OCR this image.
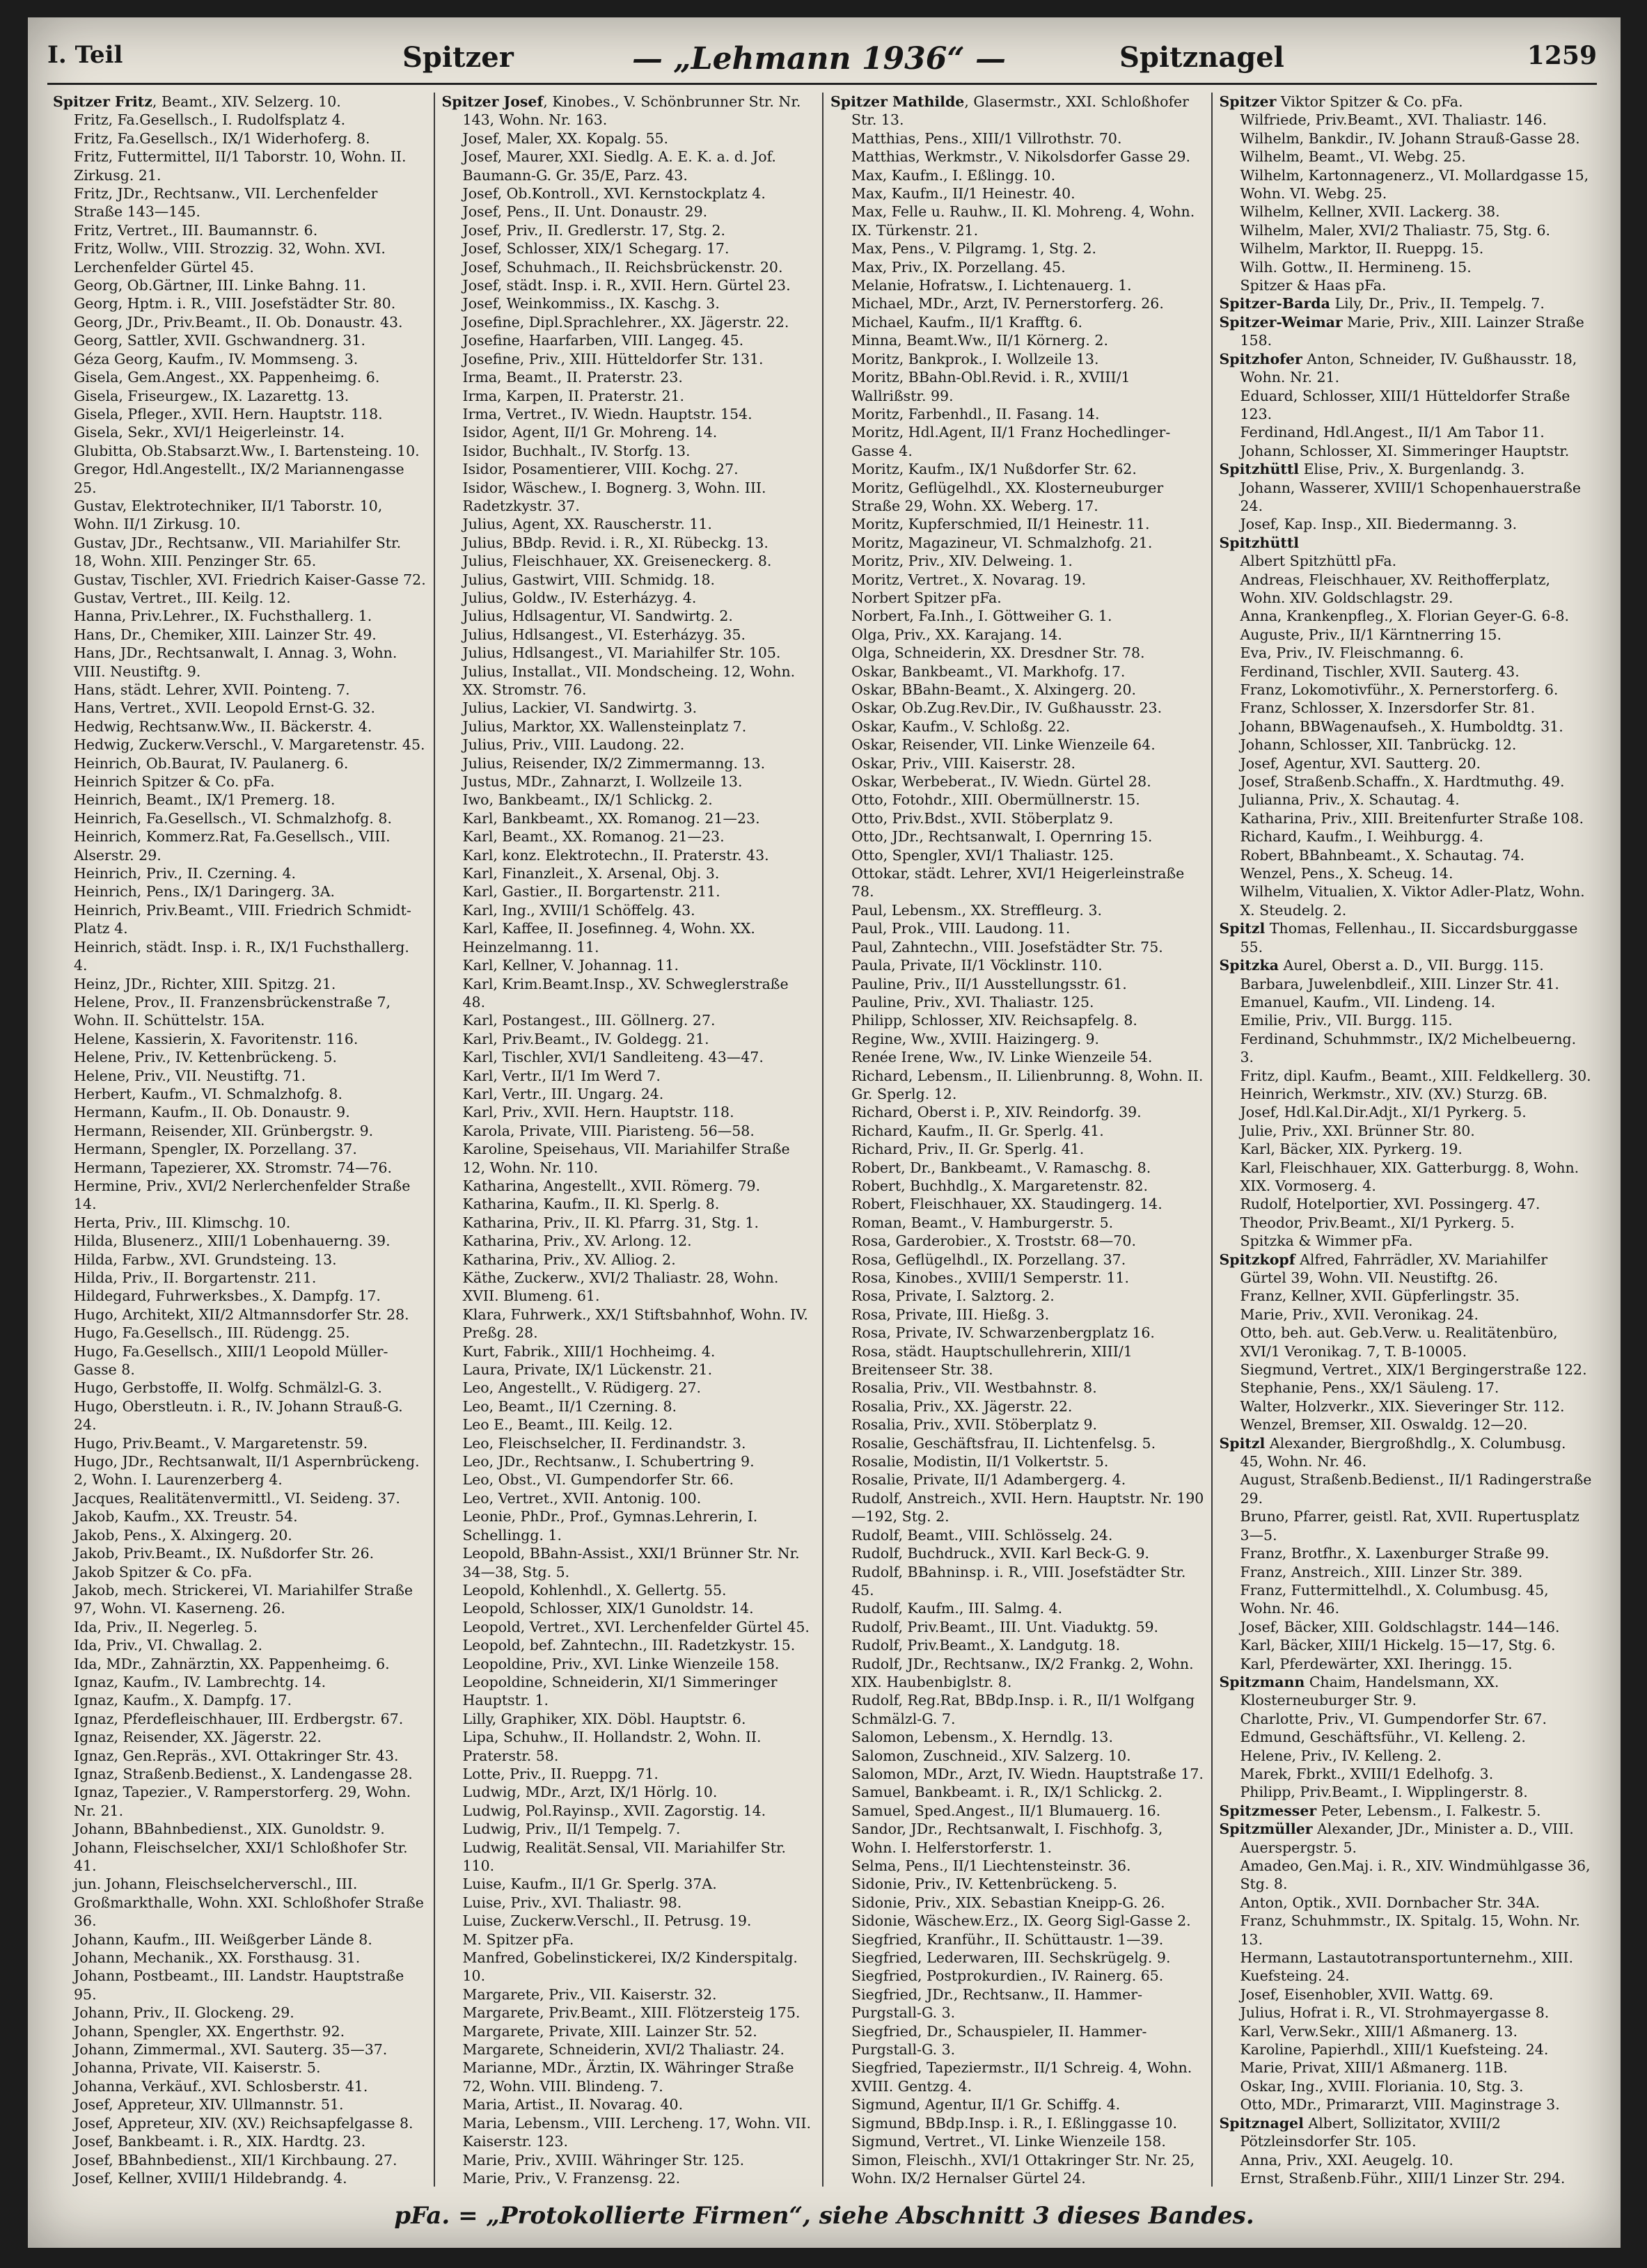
I. Teil	Spitzer	— „Lehmann 1936“ —	Spitznagel	1259
Spitzer Fritz, Beamt., XIV. Selzerg. 10.
Fritz, Fa.Gesellsch., I. Rudolfsplatz 4.
Fritz, Fa.Gesellsch., IX/1 Widerhoferg. 8.
Fritz, Futtermittel, II/1 Taborstr. 10, Wohn. II. Zirkusg. 21.
Fritz, JDr., Rechtsanw., VII. Lerchenfelder Straße 143—145.
Fritz, Vertret., III. Baumannstr. 6.
Fritz, Wollw., VIII. Strozzig. 32, Wohn. XVI. Lerchenfelder Gürtel 45.
Georg, Ob.Gärtner, III. Linke Bahng. 11.
Georg, Hptm. i. R., VIII. Josefstädter Str. 80.
Georg, JDr., Priv.Beamt., II. Ob. Donaustr. 43.
Georg, Sattler, XVII. Gschwandnerg. 31.
Géza Georg, Kaufm., IV. Mommseng. 3.
Gisela, Gem.Angest., XX. Pappenheimg. 6.
Gisela, Friseurgew., IX. Lazarettg. 13.
Gisela, Pfleger., XVII. Hern. Hauptstr. 118.
Gisela, Sekr., XVI/1 Heigerleinstr. 14.
Glubitta, Ob.Stabsarzt.Ww., I. Bartensteing. 10.
Gregor, Hdl.Angestellt., IX/2 Mariannengasse 25.
Gustav, Elektrotechniker, II/1 Taborstr. 10, Wohn. II/1 Zirkusg. 10.
Gustav, JDr., Rechtsanw., VII. Mariahilfer Str. 18, Wohn. XIII. Penzinger Str. 65.
Gustav, Tischler, XVI. Friedrich Kaiser-Gasse 72.
Gustav, Vertret., III. Keilg. 12.
Hanna, Priv.Lehrer., IX. Fuchsthallerg. 1.
Hans, Dr., Chemiker, XIII. Lainzer Str. 49.
Hans, JDr., Rechtsanwalt, I. Annag. 3, Wohn. VIII. Neustiftg. 9.
Hans, städt. Lehrer, XVII. Pointeng. 7.
Hans, Vertret., XVII. Leopold Ernst-G. 32.
Hedwig, Rechtsanw.Ww., II. Bäckerstr. 4.
Hedwig, Zuckerw.Verschl., V. Margaretenstr. 45.
Heinrich, Ob.Baurat, IV. Paulanerg. 6.
Heinrich Spitzer & Co. pFa.
Heinrich, Beamt., IX/1 Premerg. 18.
Heinrich, Fa.Gesellsch., VI. Schmalzhofg. 8.
Heinrich, Kommerz.Rat, Fa.Gesellsch., VIII. Alserstr. 29.
Heinrich, Priv., II. Czerning. 4.
Heinrich, Pens., IX/1 Daringerg. 3A.
Heinrich, Priv.Beamt., VIII. Friedrich Schmidt-Platz 4.
Heinrich, städt. Insp. i. R., IX/1 Fuchsthallerg. 4.
Heinz, JDr., Richter, XIII. Spitzg. 21.
Helene, Prov., II. Franzensbrückenstraße 7, Wohn. II. Schüttelstr. 15A.
Helene, Kassierin, X. Favoritenstr. 116.
Helene, Priv., IV. Kettenbrückeng. 5.
Helene, Priv., VII. Neustiftg. 71.
Herbert, Kaufm., VI. Schmalzhofg. 8.
Hermann, Kaufm., II. Ob. Donaustr. 9.
Hermann, Reisender, XII. Grünbergstr. 9.
Hermann, Spengler, IX. Porzellang. 37.
Hermann, Tapezierer, XX. Stromstr. 74—76.
Hermine, Priv., XVI/2 Nerlerchenfelder Straße 14.
Herta, Priv., III. Klimschg. 10.
Hilda, Blusenerz., XIII/1 Lobenhauerng. 39.
Hilda, Farbw., XVI. Grundsteing. 13.
Hilda, Priv., II. Borgartenstr. 211.
Hildegard, Fuhrwerksbes., X. Dampfg. 17.
Hugo, Architekt, XII/2 Altmannsdorfer Str. 28.
Hugo, Fa.Gesellsch., III. Rüdengg. 25.
Hugo, Fa.Gesellsch., XIII/1 Leopold Müller-Gasse 8.
Hugo, Gerbstoffe, II. Wolfg. Schmälzl-G. 3.
Hugo, Oberstleutn. i. R., IV. Johann Strauß-G. 24.
Hugo, Priv.Beamt., V. Margaretenstr. 59.
Hugo, JDr., Rechtsanwalt, II/1 Aspernbrückeng. 2, Wohn. I. Laurenzerberg 4.
Jacques, Realitätenvermittl., VI. Seideng. 37.
Jakob, Kaufm., XX. Treustr. 54.
Jakob, Pens., X. Alxingerg. 20.
Jakob, Priv.Beamt., IX. Nußdorfer Str. 26.
Jakob Spitzer & Co. pFa.
Jakob, mech. Strickerei, VI. Mariahilfer Straße 97, Wohn. VI. Kaserneng. 26.
Ida, Priv., II. Negerleg. 5.
Ida, Priv., VI. Chwallag. 2.
Ida, MDr., Zahnärztin, XX. Pappenheimg. 6.
Ignaz, Kaufm., IV. Lambrechtg. 14.
Ignaz, Kaufm., X. Dampfg. 17.
Ignaz, Pferdefleischhauer, III. Erdbergstr. 67.
Ignaz, Reisender, XX. Jägerstr. 22.
Ignaz, Gen.Repräs., XVI. Ottakringer Str. 43.
Ignaz, Straßenb.Bedienst., X. Landengasse 28.
Ignaz, Tapezier., V. Ramperstorferg. 29, Wohn. Nr. 21.
Johann, BBahnbedienst., XIX. Gunoldstr. 9.
Johann, Fleischselcher, XXI/1 Schloßhofer Str. 41.
jun. Johann, Fleischselcherverschl., III. Großmarkthalle, Wohn. XXI. Schloßhofer Straße 36.
Johann, Kaufm., III. Weißgerber Lände 8.
Johann, Mechanik., XX. Forsthausg. 31.
Johann, Postbeamt., III. Landstr. Hauptstraße 95.
Johann, Priv., II. Glockeng. 29.
Johann, Spengler, XX. Engerthstr. 92.
Johann, Zimmermal., XVI. Sauterg. 35—37.
Johanna, Private, VII. Kaiserstr. 5.
Johanna, Verkäuf., XVI. Schlosberstr. 41.
Josef, Appreteur, XIV. Ullmannstr. 51.
Josef, Appreteur, XIV. (XV.) Reichsapfelgasse 8.
Josef, Bankbeamt. i. R., XIX. Hardtg. 23.
Josef, BBahnbedienst., XII/1 Kirchbaung. 27.
Josef, Kellner, XVIII/1 Hildebrandg. 4.
Spitzer Josef, Kinobes., V. Schönbrunner Str. Nr. 143, Wohn. Nr. 163.
Josef, Maler, XX. Kopalg. 55.
Josef, Maurer, XXI. Siedlg. A. E. K. a. d. Jof. Baumann-G. Gr. 35/E, Parz. 43.
Josef, Ob.Kontroll., XVI. Kernstockplatz 4.
Josef, Pens., II. Unt. Donaustr. 29.
Josef, Priv., II. Gredlerstr. 17, Stg. 2.
Josef, Schlosser, XIX/1 Schegarg. 17.
Josef, Schuhmach., II. Reichsbrückenstr. 20.
Josef, städt. Insp. i. R., XVII. Hern. Gürtel 23.
Josef, Weinkommiss., IX. Kaschg. 3.
Josefine, Dipl.Sprachlehrer., XX. Jägerstr. 22.
Josefine, Haarfarben, VIII. Langeg. 45.
Josefine, Priv., XIII. Hütteldorfer Str. 131.
Irma, Beamt., II. Praterstr. 23.
Irma, Karpen, II. Praterstr. 21.
Irma, Vertret., IV. Wiedn. Hauptstr. 154.
Isidor, Agent, II/1 Gr. Mohreng. 14.
Isidor, Buchhalt., IV. Storfg. 13.
Isidor, Posamentierer, VIII. Kochg. 27.
Isidor, Wäschew., I. Bognerg. 3, Wohn. III. Radetzkystr. 37.
Julius, Agent, XX. Rauscherstr. 11.
Julius, BBdp. Revid. i. R., XI. Rübeckg. 13.
Julius, Fleischhauer, XX. Greiseneckerg. 8.
Julius, Gastwirt, VIII. Schmidg. 18.
Julius, Goldw., IV. Esterházyg. 4.
Julius, Hdlsagentur, VI. Sandwirtg. 2.
Julius, Hdlsangest., VI. Esterházyg. 35.
Julius, Hdlsangest., VI. Mariahilfer Str. 105.
Julius, Installat., VII. Mondscheing. 12, Wohn. XX. Stromstr. 76.
Julius, Lackier, VI. Sandwirtg. 3.
Julius, Marktor, XX. Wallensteinplatz 7.
Julius, Priv., VIII. Laudong. 22.
Julius, Reisender, IX/2 Zimmermanng. 13.
Justus, MDr., Zahnarzt, I. Wollzeile 13.
Iwo, Bankbeamt., IX/1 Schlickg. 2.
Karl, Bankbeamt., XX. Romanog. 21—23.
Karl, Beamt., XX. Romanog. 21—23.
Karl, konz. Elektrotechn., II. Praterstr. 43.
Karl, Finanzleit., X. Arsenal, Obj. 3.
Karl, Gastier., II. Borgartenstr. 211.
Karl, Ing., XVIII/1 Schöffelg. 43.
Karl, Kaffee, II. Josefinneg. 4, Wohn. XX. Heinzelmanng. 11.
Karl, Kellner, V. Johannag. 11.
Karl, Krim.Beamt.Insp., XV. Schweglerstraße 48.
Karl, Postangest., III. Göllnerg. 27.
Karl, Priv.Beamt., IV. Goldegg. 21.
Karl, Tischler, XVI/1 Sandleiteng. 43—47.
Karl, Vertr., II/1 Im Werd 7.
Karl, Vertr., III. Ungarg. 24.
Karl, Priv., XVII. Hern. Hauptstr. 118.
Karola, Private, VIII. Piaristeng. 56—58.
Karoline, Speisehaus, VII. Mariahilfer Straße 12, Wohn. Nr. 110.
Katharina, Angestellt., XVII. Römerg. 79.
Katharina, Kaufm., II. Kl. Sperlg. 8.
Katharina, Priv., II. Kl. Pfarrg. 31, Stg. 1.
Katharina, Priv., XV. Arlong. 12.
Katharina, Priv., XV. Alliog. 2.
Käthe, Zuckerw., XVI/2 Thaliastr. 28, Wohn. XVII. Blumeng. 61.
Klara, Fuhrwerk., XX/1 Stiftsbahnhof, Wohn. IV. Preßg. 28.
Kurt, Fabrik., XIII/1 Hochheimg. 4.
Laura, Private, IX/1 Lückenstr. 21.
Leo, Angestellt., V. Rüdigerg. 27.
Leo, Beamt., II/1 Czerning. 8.
Leo E., Beamt., III. Keilg. 12.
Leo, Fleischselcher, II. Ferdinandstr. 3.
Leo, JDr., Rechtsanw., I. Schubertring 9.
Leo, Obst., VI. Gumpendorfer Str. 66.
Leo, Vertret., XVII. Antonig. 100.
Leonie, PhDr., Prof., Gymnas.Lehrerin, I. Schellingg. 1.
Leopold, BBahn-Assist., XXI/1 Brünner Str. Nr. 34—38, Stg. 5.
Leopold, Kohlenhdl., X. Gellertg. 55.
Leopold, Schlosser, XIX/1 Gunoldstr. 14.
Leopold, Vertret., XVI. Lerchenfelder Gürtel 45.
Leopold, bef. Zahntechn., III. Radetzkystr. 15.
Leopoldine, Priv., XVI. Linke Wienzeile 158.
Leopoldine, Schneiderin, XI/1 Simmeringer Hauptstr. 1.
Lilly, Graphiker, XIX. Döbl. Hauptstr. 6.
Lipa, Schuhw., II. Hollandstr. 2, Wohn. II. Praterstr. 58.
Lotte, Priv., II. Rueppg. 71.
Ludwig, MDr., Arzt, IX/1 Hörlg. 10.
Ludwig, Pol.Rayinsp., XVII. Zagorstig. 14.
Ludwig, Priv., II/1 Tempelg. 7.
Ludwig, Realität.Sensal, VII. Mariahilfer Str. 110.
Luise, Kaufm., II/1 Gr. Sperlg. 37A.
Luise, Priv., XVI. Thaliastr. 98.
Luise, Zuckerw.Verschl., II. Petrusg. 19.
M. Spitzer pFa.
Manfred, Gobelinstickerei, IX/2 Kinderspitalg. 10.
Margarete, Priv., VII. Kaiserstr. 32.
Margarete, Priv.Beamt., XIII. Flötzersteig 175.
Margarete, Private, XIII. Lainzer Str. 52.
Margarete, Schneiderin, XVI/2 Thaliastr. 24.
Marianne, MDr., Ärztin, IX. Währinger Straße 72, Wohn. VIII. Blindeng. 7.
Maria, Artist., II. Novarag. 40.
Maria, Lebensm., VIII. Lercheng. 17, Wohn. VII. Kaiserstr. 123.
Marie, Priv., XVIII. Währinger Str. 125.
Marie, Priv., V. Franzensg. 22.
Spitzer Mathilde, Glasermstr., XXI. Schloßhofer Str. 13.
Matthias, Pens., XIII/1 Villrothstr. 70.
Matthias, Werkmstr., V. Nikolsdorfer Gasse 29.
Max, Kaufm., I. Eßlingg. 10.
Max, Kaufm., II/1 Heinestr. 40.
Max, Felle u. Rauhw., II. Kl. Mohreng. 4, Wohn. IX. Türkenstr. 21.
Max, Pens., V. Pilgramg. 1, Stg. 2.
Max, Priv., IX. Porzellang. 45.
Melanie, Hofratsw., I. Lichtenauerg. 1.
Michael, MDr., Arzt, IV. Pernerstorferg. 26.
Michael, Kaufm., II/1 Krafftg. 6.
Minna, Beamt.Ww., II/1 Körnerg. 2.
Moritz, Bankprok., I. Wollzeile 13.
Moritz, BBahn-Obl.Revid. i. R., XVIII/1 Wallrißstr. 99.
Moritz, Farbenhdl., II. Fasang. 14.
Moritz, Hdl.Agent, II/1 Franz Hochedlinger-Gasse 4.
Moritz, Kaufm., IX/1 Nußdorfer Str. 62.
Moritz, Geflügelhdl., XX. Klosterneuburger Straße 29, Wohn. XX. Weberg. 17.
Moritz, Kupferschmied, II/1 Heinestr. 11.
Moritz, Magazineur, VI. Schmalzhofg. 21.
Moritz, Priv., XIV. Delweing. 1.
Moritz, Vertret., X. Novarag. 19.
Norbert Spitzer pFa.
Norbert, Fa.Inh., I. Göttweiher G. 1.
Olga, Priv., XX. Karajang. 14.
Olga, Schneiderin, XX. Dresdner Str. 78.
Oskar, Bankbeamt., VI. Markhofg. 17.
Oskar, BBahn-Beamt., X. Alxingerg. 20.
Oskar, Ob.Zug.Rev.Dir., IV. Gußhausstr. 23.
Oskar, Kaufm., V. Schloßg. 22.
Oskar, Reisender, VII. Linke Wienzeile 64.
Oskar, Priv., VIII. Kaiserstr. 28.
Oskar, Werbeberat., IV. Wiedn. Gürtel 28.
Otto, Fotohdr., XIII. Obermüllnerstr. 15.
Otto, Priv.Bdst., XVII. Stöberplatz 9.
Otto, JDr., Rechtsanwalt, I. Opernring 15.
Otto, Spengler, XVI/1 Thaliastr. 125.
Ottokar, städt. Lehrer, XVI/1 Heigerleinstraße 78.
Paul, Lebensm., XX. Streffleurg. 3.
Paul, Prok., VIII. Laudong. 11.
Paul, Zahntechn., VIII. Josefstädter Str. 75.
Paula, Private, II/1 Vöcklinstr. 110.
Pauline, Priv., II/1 Ausstellungsstr. 61.
Pauline, Priv., XVI. Thaliastr. 125.
Philipp, Schlosser, XIV. Reichsapfelg. 8.
Regine, Ww., XVIII. Haizingerg. 9.
Renée Irene, Ww., IV. Linke Wienzeile 54.
Richard, Lebensm., II. Lilienbrunng. 8, Wohn. II. Gr. Sperlg. 12.
Richard, Oberst i. P., XIV. Reindorfg. 39.
Richard, Kaufm., II. Gr. Sperlg. 41.
Richard, Priv., II. Gr. Sperlg. 41.
Robert, Dr., Bankbeamt., V. Ramaschg. 8.
Robert, Buchhdlg., X. Margaretenstr. 82.
Robert, Fleischhauer, XX. Staudingerg. 14.
Roman, Beamt., V. Hamburgerstr. 5.
Rosa, Garderobier., X. Troststr. 68—70.
Rosa, Geflügelhdl., IX. Porzellang. 37.
Rosa, Kinobes., XVIII/1 Semperstr. 11.
Rosa, Private, I. Salztorg. 2.
Rosa, Private, III. Hießg. 3.
Rosa, Private, IV. Schwarzenbergplatz 16.
Rosa, städt. Hauptschullehrerin, XIII/1 Breitenseer Str. 38.
Rosalia, Priv., VII. Westbahnstr. 8.
Rosalia, Priv., XX. Jägerstr. 22.
Rosalia, Priv., XVII. Stöberplatz 9.
Rosalie, Geschäftsfrau, II. Lichtenfelsg. 5.
Rosalie, Modistin, II/1 Volkertstr. 5.
Rosalie, Private, II/1 Adambergerg. 4.
Rudolf, Anstreich., XVII. Hern. Hauptstr. Nr. 190—192, Stg. 2.
Rudolf, Beamt., VIII. Schlösselg. 24.
Rudolf, Buchdruck., XVII. Karl Beck-G. 9.
Rudolf, BBahninsp. i. R., VIII. Josefstädter Str. 45.
Rudolf, Kaufm., III. Salmg. 4.
Rudolf, Priv.Beamt., III. Unt. Viaduktg. 59.
Rudolf, Priv.Beamt., X. Landgutg. 18.
Rudolf, JDr., Rechtsanw., IX/2 Frankg. 2, Wohn. XIX. Haubenbiglstr. 8.
Rudolf, Reg.Rat, BBdp.Insp. i. R., II/1 Wolfgang Schmälzl-G. 7.
Salomon, Lebensm., X. Herndlg. 13.
Salomon, Zuschneid., XIV. Salzerg. 10.
Salomon, MDr., Arzt, IV. Wiedn. Hauptstraße 17.
Samuel, Bankbeamt. i. R., IX/1 Schlickg. 2.
Samuel, Sped.Angest., II/1 Blumauerg. 16.
Sandor, JDr., Rechtsanwalt, I. Fischhofg. 3, Wohn. I. Helferstorferstr. 1.
Selma, Pens., II/1 Liechtensteinstr. 36.
Sidonie, Priv., IV. Kettenbrückeng. 5.
Sidonie, Priv., XIX. Sebastian Kneipp-G. 26.
Sidonie, Wäschew.Erz., IX. Georg Sigl-Gasse 2.
Siegfried, Kranführ., II. Schüttaustr. 1—39.
Siegfried, Lederwaren, III. Sechskrügelg. 9.
Siegfried, Postprokurdien., IV. Rainerg. 65.
Siegfried, JDr., Rechtsanw., II. Hammer-Purgstall-G. 3.
Siegfried, Dr., Schauspieler, II. Hammer-Purgstall-G. 3.
Siegfried, Tapeziermstr., II/1 Schreig. 4, Wohn. XVIII. Gentzg. 4.
Sigmund, Agentur, II/1 Gr. Schiffg. 4.
Sigmund, BBdp.Insp. i. R., I. Eßlinggasse 10.
Sigmund, Vertret., VI. Linke Wienzeile 158.
Simon, Fleischh., XVI/1 Ottakringer Str. Nr. 25, Wohn. IX/2 Hernalser Gürtel 24.
Spitzer Viktor Spitzer & Co. pFa.
Wilfriede, Priv.Beamt., XVI. Thaliastr. 146.
Wilhelm, Bankdir., IV. Johann Strauß-Gasse 28.
Wilhelm, Beamt., VI. Webg. 25.
Wilhelm, Kartonnagenerz., VI. Mollardgasse 15, Wohn. VI. Webg. 25.
Wilhelm, Kellner, XVII. Lackerg. 38.
Wilhelm, Maler, XVI/2 Thaliastr. 75, Stg. 6.
Wilhelm, Marktor, II. Rueppg. 15.
Wilh. Gottw., II. Hermineng. 15.
Spitzer & Haas pFa.
Spitzer-Barda Lily, Dr., Priv., II. Tempelg. 7.
Spitzer-Weimar Marie, Priv., XIII. Lainzer Straße 158.
Spitzhofer Anton, Schneider, IV. Gußhausstr. 18, Wohn. Nr. 21.
Eduard, Schlosser, XIII/1 Hütteldorfer Straße 123.
Ferdinand, Hdl.Angest., II/1 Am Tabor 11.
Johann, Schlosser, XI. Simmeringer Hauptstr.
Spitzhüttl Elise, Priv., X. Burgenlandg. 3.
Johann, Wasserer, XVIII/1 Schopenhauerstraße 24.
Josef, Kap. Insp., XII. Biedermanng. 3.
Spitzhüttl
Albert Spitzhüttl pFa.
Andreas, Fleischhauer, XV. Reithofferplatz, Wohn. XIV. Goldschlagstr. 29.
Anna, Krankenpfleg., X. Florian Geyer-G. 6-8.
Auguste, Priv., II/1 Kärntnerring 15.
Eva, Priv., IV. Fleischmanng. 6.
Ferdinand, Tischler, XVII. Sauterg. 43.
Franz, Lokomotivführ., X. Pernerstorferg. 6.
Franz, Schlosser, X. Inzersdorfer Str. 81.
Johann, BBWagenaufseh., X. Humboldtg. 31.
Johann, Schlosser, XII. Tanbrückg. 12.
Josef, Agentur, XVI. Sautterg. 20.
Josef, Straßenb.Schaffn., X. Hardtmuthg. 49.
Julianna, Priv., X. Schautag. 4.
Katharina, Priv., XIII. Breitenfurter Straße 108.
Richard, Kaufm., I. Weihburgg. 4.
Robert, BBahnbeamt., X. Schautag. 74.
Wenzel, Pens., X. Scheug. 14.
Wilhelm, Vitualien, X. Viktor Adler-Platz, Wohn. X. Steudelg. 2.
Spitzl Thomas, Fellenhau., II. Siccardsburggasse 55.
Spitzka Aurel, Oberst a. D., VII. Burgg. 115.
Barbara, Juwelenbdleif., XIII. Linzer Str. 41.
Emanuel, Kaufm., VII. Lindeng. 14.
Emilie, Priv., VII. Burgg. 115.
Ferdinand, Schuhmmstr., IX/2 Michelbeuerng. 3.
Fritz, dipl. Kaufm., Beamt., XIII. Feldkellerg. 30.
Heinrich, Werkmstr., XIV. (XV.) Sturzg. 6B.
Josef, Hdl.Kal.Dir.Adjt., XI/1 Pyrkerg. 5.
Julie, Priv., XXI. Brünner Str. 80.
Karl, Bäcker, XIX. Pyrkerg. 19.
Karl, Fleischhauer, XIX. Gatterburgg. 8, Wohn. XIX. Vormoserg. 4.
Rudolf, Hotelportier, XVI. Possingerg. 47.
Theodor, Priv.Beamt., XI/1 Pyrkerg. 5.
Spitzka & Wimmer pFa.
Spitzkopf Alfred, Fahrrädler, XV. Mariahilfer Gürtel 39, Wohn. VII. Neustiftg. 26.
Franz, Kellner, XVII. Güpferlingstr. 35.
Marie, Priv., XVII. Veronikag. 24.
Otto, beh. aut. Geb.Verw. u. Realitätenbüro, XVI/1 Veronikag. 7, T. B-10005.
Siegmund, Vertret., XIX/1 Bergingerstraße 122.
Stephanie, Pens., XX/1 Säuleng. 17.
Walter, Holzverkr., XIX. Sieveringer Str. 112.
Wenzel, Bremser, XII. Oswaldg. 12—20.
Spitzl Alexander, Biergroßhdlg., X. Columbusg. 45, Wohn. Nr. 46.
August, Straßenb.Bedienst., II/1 Radingerstraße 29.
Bruno, Pfarrer, geistl. Rat, XVII. Rupertusplatz 3—5.
Franz, Brotfhr., X. Laxenburger Straße 99.
Franz, Anstreich., XIII. Linzer Str. 389.
Franz, Futtermittelhdl., X. Columbusg. 45, Wohn. Nr. 46.
Josef, Bäcker, XIII. Goldschlagstr. 144—146.
Karl, Bäcker, XIII/1 Hickelg. 15—17, Stg. 6.
Karl, Pferdewärter, XXI. Iheringg. 15.
Spitzmann Chaim, Handelsmann, XX. Klosterneuburger Str. 9.
Charlotte, Priv., VI. Gumpendorfer Str. 67.
Edmund, Geschäftsführ., VI. Kelleng. 2.
Helene, Priv., IV. Kelleng. 2.
Marek, Fbrkt., XVIII/1 Edelhofg. 3.
Philipp, Priv.Beamt., I. Wipplingerstr. 8.
Spitzmesser Peter, Lebensm., I. Falkestr. 5.
Spitzmüller Alexander, JDr., Minister a. D., VIII. Auerspergstr. 5.
Amadeo, Gen.Maj. i. R., XIV. Windmühlgasse 36, Stg. 8.
Anton, Optik., XVII. Dornbacher Str. 34A.
Franz, Schuhmmstr., IX. Spitalg. 15, Wohn. Nr. 13.
Hermann, Lastautotransportunternehm., XIII. Kuefsteing. 24.
Josef, Eisenhobler, XVII. Wattg. 69.
Julius, Hofrat i. R., VI. Strohmayergasse 8.
Karl, Verw.Sekr., XIII/1 Aßmanerg. 13.
Karoline, Papierhdl., XIII/1 Kuefsteing. 24.
Marie, Privat, XIII/1 Aßmanerg. 11B.
Oskar, Ing., XVIII. Floriania. 10, Stg. 3.
Otto, MDr., Primararzt, VIII. Maginstrage 3.
Spitznagel Albert, Sollizitator, XVIII/2 Pötzleinsdorfer Str. 105.
Anna, Priv., XXI. Aeugelg. 10.
Ernst, Straßenb.Führ., XIII/1 Linzer Str. 294.
pFa. = „Protokollierte Firmen“, siehe Abschnitt 3 dieses Bandes.
